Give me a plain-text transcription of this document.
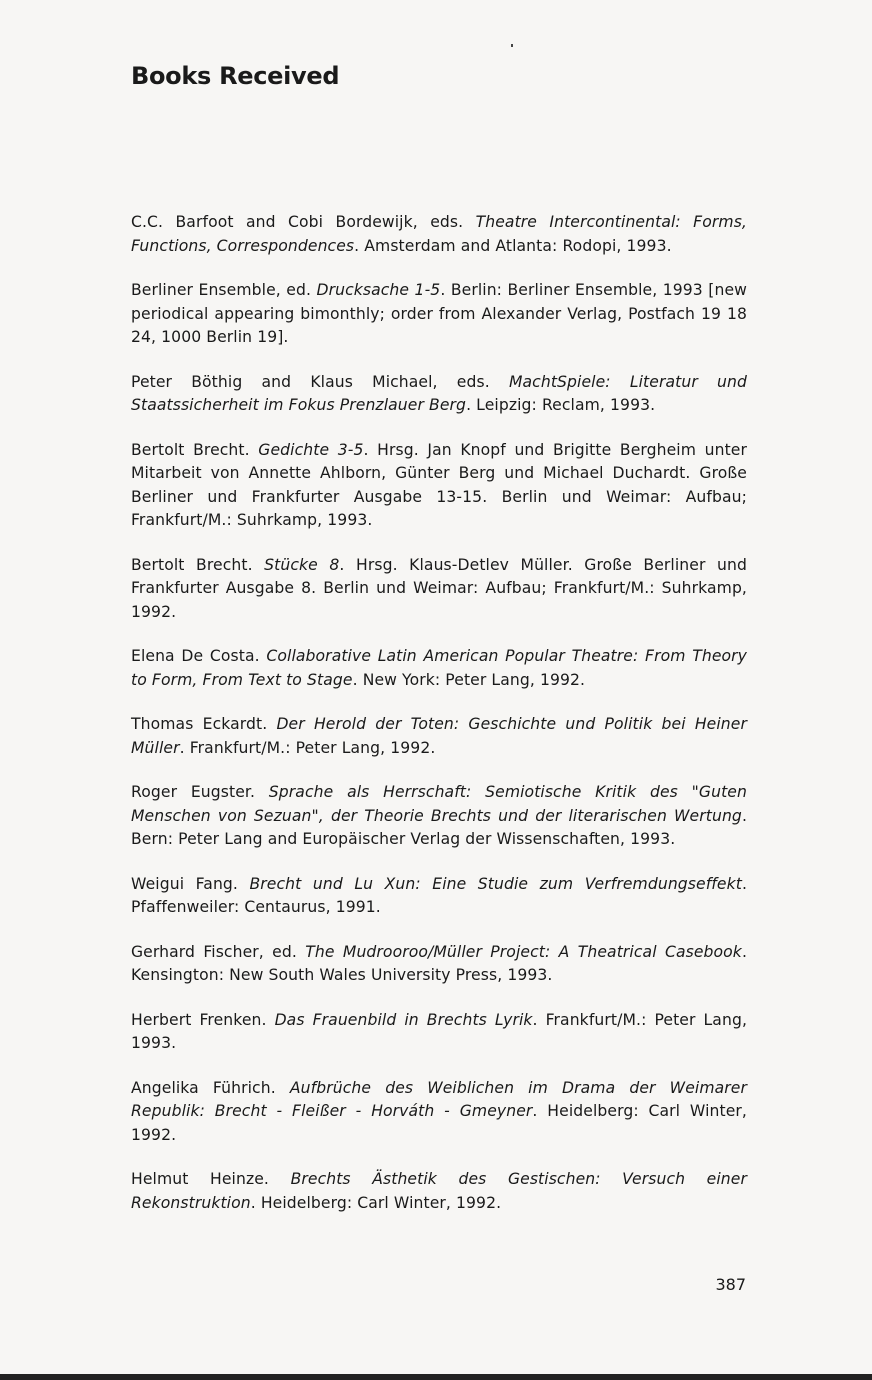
Books Received

C.C. Barfoot and Cobi Bordewijk, eds. Theatre Intercontinental: Forms, Functions, Correspondences. Amsterdam and Atlanta: Rodopi, 1993.

Berliner Ensemble, ed. Drucksache 1-5. Berlin: Berliner Ensemble, 1993 [new periodical appearing bimonthly; order from Alexander Verlag, Postfach 19 18 24, 1000 Berlin 19].

Peter Böthig and Klaus Michael, eds. MachtSpiele: Literatur und Staatssicherheit im Fokus Prenzlauer Berg. Leipzig: Reclam, 1993.

Bertolt Brecht. Gedichte 3-5. Hrsg. Jan Knopf und Brigitte Bergheim unter Mitarbeit von Annette Ahlborn, Günter Berg und Michael Duchardt. Große Berliner und Frankfurter Ausgabe 13-15. Berlin und Weimar: Aufbau; Frankfurt/M.: Suhrkamp, 1993.

Bertolt Brecht. Stücke 8. Hrsg. Klaus-Detlev Müller. Große Berliner und Frankfurter Ausgabe 8. Berlin und Weimar: Aufbau; Frankfurt/M.: Suhrkamp, 1992.

Elena De Costa. Collaborative Latin American Popular Theatre: From Theory to Form, From Text to Stage. New York: Peter Lang, 1992.

Thomas Eckardt. Der Herold der Toten: Geschichte und Politik bei Heiner Müller. Frankfurt/M.: Peter Lang, 1992.

Roger Eugster. Sprache als Herrschaft: Semiotische Kritik des "Guten Menschen von Sezuan", der Theorie Brechts und der literarischen Wertung. Bern: Peter Lang and Europäischer Verlag der Wissenschaften, 1993.

Weigui Fang. Brecht und Lu Xun: Eine Studie zum Verfremdungseffekt. Pfaffenweiler: Centaurus, 1991.

Gerhard Fischer, ed. The Mudrooroo/Müller Project: A Theatrical Casebook. Kensington: New South Wales University Press, 1993.

Herbert Frenken. Das Frauenbild in Brechts Lyrik. Frankfurt/M.: Peter Lang, 1993.

Angelika Führich. Aufbrüche des Weiblichen im Drama der Weimarer Republik: Brecht - Fleißer - Horváth - Gmeyner. Heidelberg: Carl Winter, 1992.

Helmut Heinze. Brechts Ästhetik des Gestischen: Versuch einer Rekonstruktion. Heidelberg: Carl Winter, 1992.

387
